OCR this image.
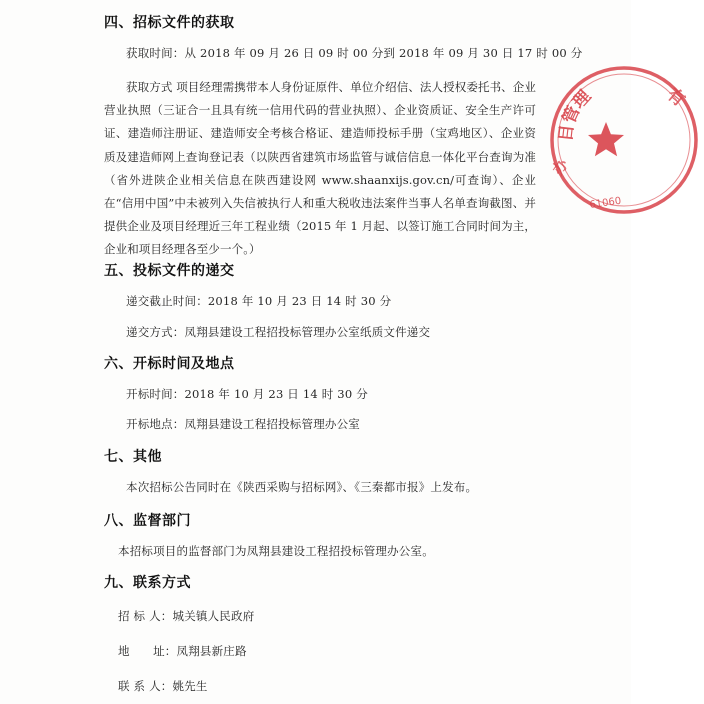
目管理	有
办
61060
四、招标文件的获取
获取时间：从 2018 年 09 月 26 日 09 时 00 分到 2018 年 09 月 30 日 17 时 00 分
获取方式 项目经理需携带本人身份证原件、单位介绍信、法人授权委托书、企业营业执照（三证合一且具有统一信用代码的营业执照）、企业资质证、安全生产许可证、建造师注册证、建造师安全考核合格证、建造师投标手册（宝鸡地区）、企业资质及建造师网上查询登记表（以陕西省建筑市场监管与诚信信息一体化平台查询为准（省外进陕企业相关信息在陕西建设网 www.shaanxijs.gov.cn/可查询）、企业在“信用中国”中未被列入失信被执行人和重大税收违法案件当事人名单查询截图、并提供企业及项目经理近三年工程业绩（2015 年 1 月起、以签订施工合同时间为主，企业和项目经理各至少一个。）
五、投标文件的递交
递交截止时间：2018 年 10 月 23 日 14 时 30 分
递交方式：凤翔县建设工程招投标管理办公室纸质文件递交
六、开标时间及地点
开标时间：2018 年 10 月 23 日 14 时 30 分
开标地点：凤翔县建设工程招投标管理办公室
七、其他
本次招标公告同时在《陕西采购与招标网》、《三秦都市报》上发布。
八、监督部门
本招标项目的监督部门为凤翔县建设工程招投标管理办公室。
九、联系方式
招 标 人：城关镇人民政府
地　　址：凤翔县新庄路
联 系 人：姚先生
